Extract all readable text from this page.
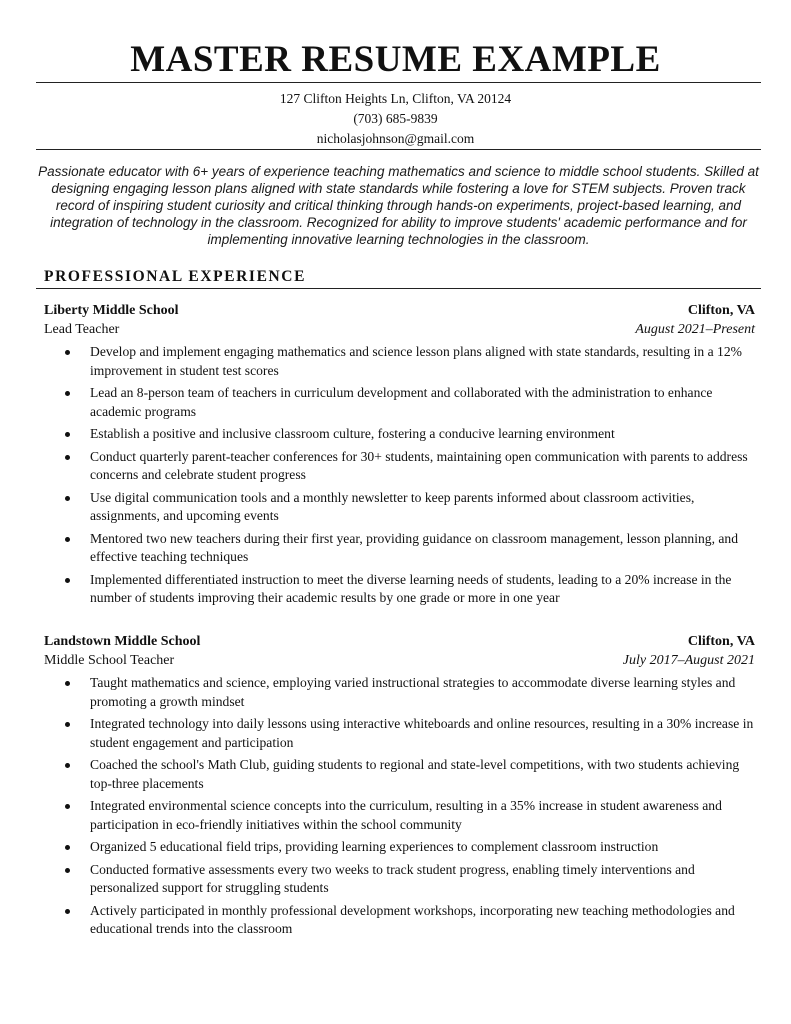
MASTER RESUME EXAMPLE
127 Clifton Heights Ln, Clifton, VA 20124
(703) 685-9839
nicholasjohnson@gmail.com
Passionate educator with 6+ years of experience teaching mathematics and science to middle school students. Skilled at designing engaging lesson plans aligned with state standards while fostering a love for STEM subjects. Proven track record of inspiring student curiosity and critical thinking through hands-on experiments, project-based learning, and integration of technology in the classroom. Recognized for ability to improve students' academic performance and for implementing innovative learning technologies in the classroom.
PROFESSIONAL EXPERIENCE
Liberty Middle School	Clifton, VA
Lead Teacher	August 2021–Present
Develop and implement engaging mathematics and science lesson plans aligned with state standards, resulting in a 12% improvement in student test scores
Lead an 8-person team of teachers in curriculum development and collaborated with the administration to enhance academic programs
Establish a positive and inclusive classroom culture, fostering a conducive learning environment
Conduct quarterly parent-teacher conferences for 30+ students, maintaining open communication with parents to address concerns and celebrate student progress
Use digital communication tools and a monthly newsletter to keep parents informed about classroom activities, assignments, and upcoming events
Mentored two new teachers during their first year, providing guidance on classroom management, lesson planning, and effective teaching techniques
Implemented differentiated instruction to meet the diverse learning needs of students, leading to a 20% increase in the number of students improving their academic results by one grade or more in one year
Landstown Middle School	Clifton, VA
Middle School Teacher	July 2017–August 2021
Taught mathematics and science, employing varied instructional strategies to accommodate diverse learning styles and promoting a growth mindset
Integrated technology into daily lessons using interactive whiteboards and online resources, resulting in a 30% increase in student engagement and participation
Coached the school's Math Club, guiding students to regional and state-level competitions, with two students achieving top-three placements
Integrated environmental science concepts into the curriculum, resulting in a 35% increase in student awareness and participation in eco-friendly initiatives within the school community
Organized 5 educational field trips, providing learning experiences to complement classroom instruction
Conducted formative assessments every two weeks to track student progress, enabling timely interventions and personalized support for struggling students
Actively participated in monthly professional development workshops, incorporating new teaching methodologies and educational trends into the classroom
